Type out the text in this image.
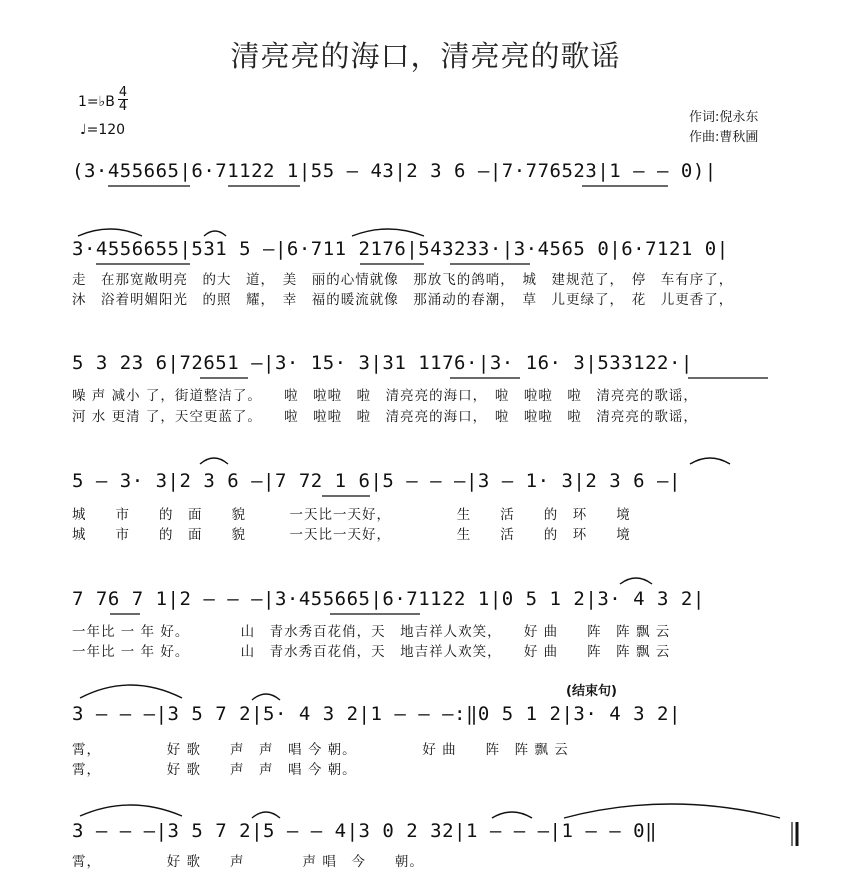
清亮亮的海口，清亮亮的歌谣
1=♭B
4
4
♩=120
作词:倪永东
作曲:曹秋圃
(3·455665|6·71122 1|55 – 43|2 3 6 –|7·776523|1 – – 0)|
3·4556655|531 5 –|6·711 2176|543233·|3·4565 0|6·7121 0|
走　在那宽敞明亮　的大　道，　美　丽的心情就像　那放飞的鸽哨，　城　建规范了，　停　车有序了，
沐　浴着明媚阳光　的照　耀，　幸　福的暖流就像　那涌动的春潮，　草　儿更绿了，　花　儿更香了，
5 3 23 6|72651 –|3· 15· 3|31 1176·|3· 16· 3|533122·|
噪 声 减小 了，街道整洁了。　　啦　啦啦　啦　清亮亮的海口，　啦　啦啦　啦　清亮亮的歌谣，
河 水 更清 了，天空更蓝了。　　啦　啦啦　啦　清亮亮的海口，　啦　啦啦　啦　清亮亮的歌谣，
5 – 3· 3|2 3 6 –|7 72 1 6|5 – – –|3 – 1· 3|2 3 6 –|
城　　市　　的　面　　貌　　　一天比一天好，　　　　　生　　活　　的　环　　境
城　　市　　的　面　　貌　　　一天比一天好，　　　　　生　　活　　的　环　　境
7 76 7 1|2 – – –|3·455665|6·71122 1|0 5 1 2|3· 4 3 2|
一年比 一 年 好。　　　　山　青水秀百花俏，天　地吉祥人欢笑，　　好 曲　　阵　阵 飘 云
一年比 一 年 好。　　　　山　青水秀百花俏，天　地吉祥人欢笑，　　好 曲　　阵　阵 飘 云
(结束句)
3 – – –|3 5 7 2|5· 4 3 2|1 – – –:‖0 5 1 2|3· 4 3 2|
霄，　　　　　好 歌　　声　声　唱 今 朝。　　　　　好 曲　　阵　阵 飘 云
霄，　　　　　好 歌　　声　声　唱 今 朝。
3 – – –|3 5 7 2|5 – – 4|3 0 2 32|1 – – –|1 – – 0‖
霄，　　　　　好 歌　　声　　　　声 唱　今　　朝。
